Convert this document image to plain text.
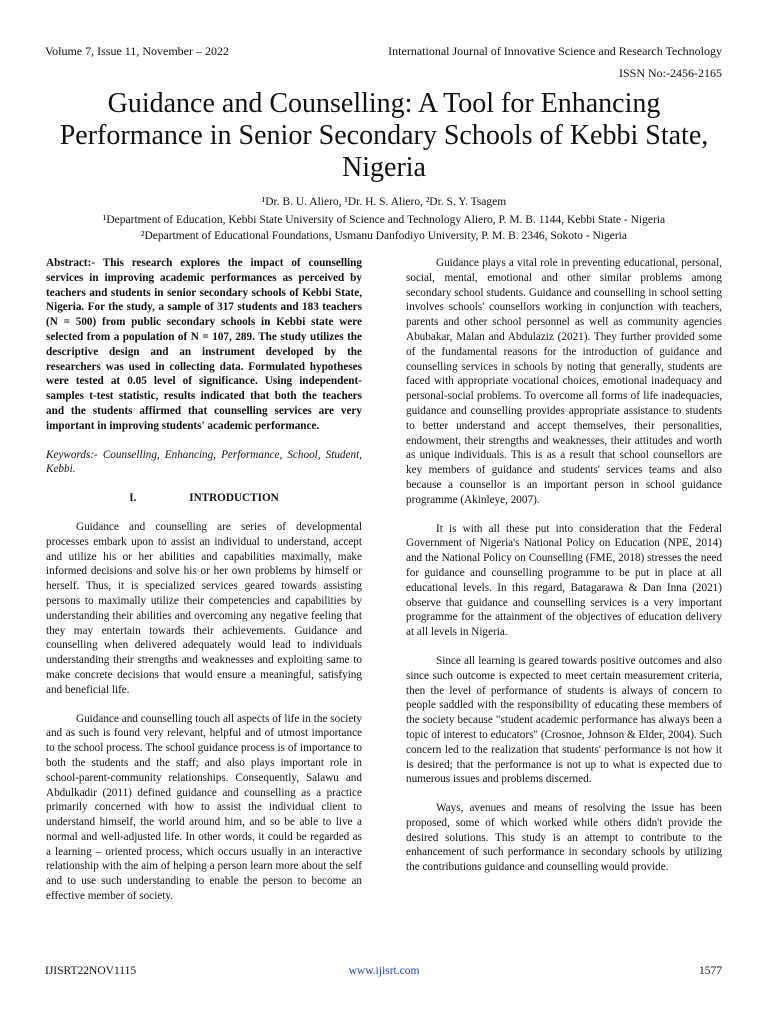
Volume 7, Issue 11, November – 2022	International Journal of Innovative Science and Research Technology
ISSN No:-2456-2165
Guidance and Counselling: A Tool for Enhancing Performance in Senior Secondary Schools of Kebbi State, Nigeria
¹Dr. B. U. Aliero, ¹Dr. H. S. Aliero, ²Dr. S. Y. Tsagem
¹Department of Education, Kebbi State University of Science and Technology Aliero, P. M. B. 1144, Kebbi State - Nigeria
²Department of Educational Foundations, Usmanu Danfodiyo University, P. M. B. 2346, Sokoto - Nigeria

Abstract:- This research explores the impact of counselling services in improving academic performances as perceived by teachers and students in senior secondary schools of Kebbi State, Nigeria. For the study, a sample of 317 students and 183 teachers (N = 500) from public secondary schools in Kebbi state were selected from a population of N = 107, 289. The study utilizes the descriptive design and an instrument developed by the researchers was used in collecting data. Formulated hypotheses were tested at 0.05 level of significance. Using independent-samples t-test statistic, results indicated that both the teachers and the students affirmed that counselling services are very important in improving students' academic performance.

Keywords:- Counselling, Enhancing, Performance, School, Student, Kebbi.

I. INTRODUCTION

Guidance and counselling are series of developmental processes embark upon to assist an individual to understand, accept and utilize his or her abilities and capabilities maximally, make informed decisions and solve his or her own problems by himself or herself. Thus, it is specialized services geared towards assisting persons to maximally utilize their competencies and capabilities by understanding their abilities and overcoming any negative feeling that they may entertain towards their achievements. Guidance and counselling when delivered adequately would lead to individuals understanding their strengths and weaknesses and exploiting same to make concrete decisions that would ensure a meaningful, satisfying and beneficial life.

Guidance and counselling touch all aspects of life in the society and as such is found very relevant, helpful and of utmost importance to the school process. The school guidance process is of importance to both the students and the staff; and also plays important role in school-parent-community relationships. Consequently, Salawu and Abdulkadir (2011) defined guidance and counselling as a practice primarily concerned with how to assist the individual client to understand himself, the world around him, and so be able to live a normal and well-adjusted life. In other words, it could be regarded as a learning – oriented process, which occurs usually in an interactive relationship with the aim of helping a person learn more about the self and to use such understanding to enable the person to become an effective member of society.

Guidance plays a vital role in preventing educational, personal, social, mental, emotional and other similar problems among secondary school students. Guidance and counselling in school setting involves schools' counsellors working in conjunction with teachers, parents and other school personnel as well as community agencies Abubakar, Malan and Abdulaziz (2021). They further provided some of the fundamental reasons for the introduction of guidance and counselling services in schools by noting that generally, students are faced with appropriate vocational choices, emotional inadequacy and personal-social problems. To overcome all forms of life inadequacies, guidance and counselling provides appropriate assistance to students to better understand and accept themselves, their personalities, endowment, their strengths and weaknesses, their attitudes and worth as unique individuals. This is as a result that school counsellors are key members of guidance and students' services teams and also because a counsellor is an important person in school guidance programme (Akinleye, 2007).

It is with all these put into consideration that the Federal Government of Nigeria's National Policy on Education (NPE, 2014) and the National Policy on Counselling (FME, 2018) stresses the need for guidance and counselling programme to be put in place at all educational levels. In this regard, Batagarawa & Dan Inna (2021) observe that guidance and counselling services is a very important programme for the attainment of the objectives of education delivery at all levels in Nigeria.

Since all learning is geared towards positive outcomes and also since such outcome is expected to meet certain measurement criteria, then the level of performance of students is always of concern to people saddled with the responsibility of educating these members of the society because "student academic performance has always been a topic of interest to educators" (Crosnoe, Johnson & Elder, 2004). Such concern led to the realization that students' performance is not how it is desired; that the performance is not up to what is expected due to numerous issues and problems discerned.

Ways, avenues and means of resolving the issue has been proposed, some of which worked while others didn't provide the desired solutions. This study is an attempt to contribute to the enhancement of such performance in secondary schools by utilizing the contributions guidance and counselling would provide.

IJISRT22NOV1115	www.ijisrt.com	1577
